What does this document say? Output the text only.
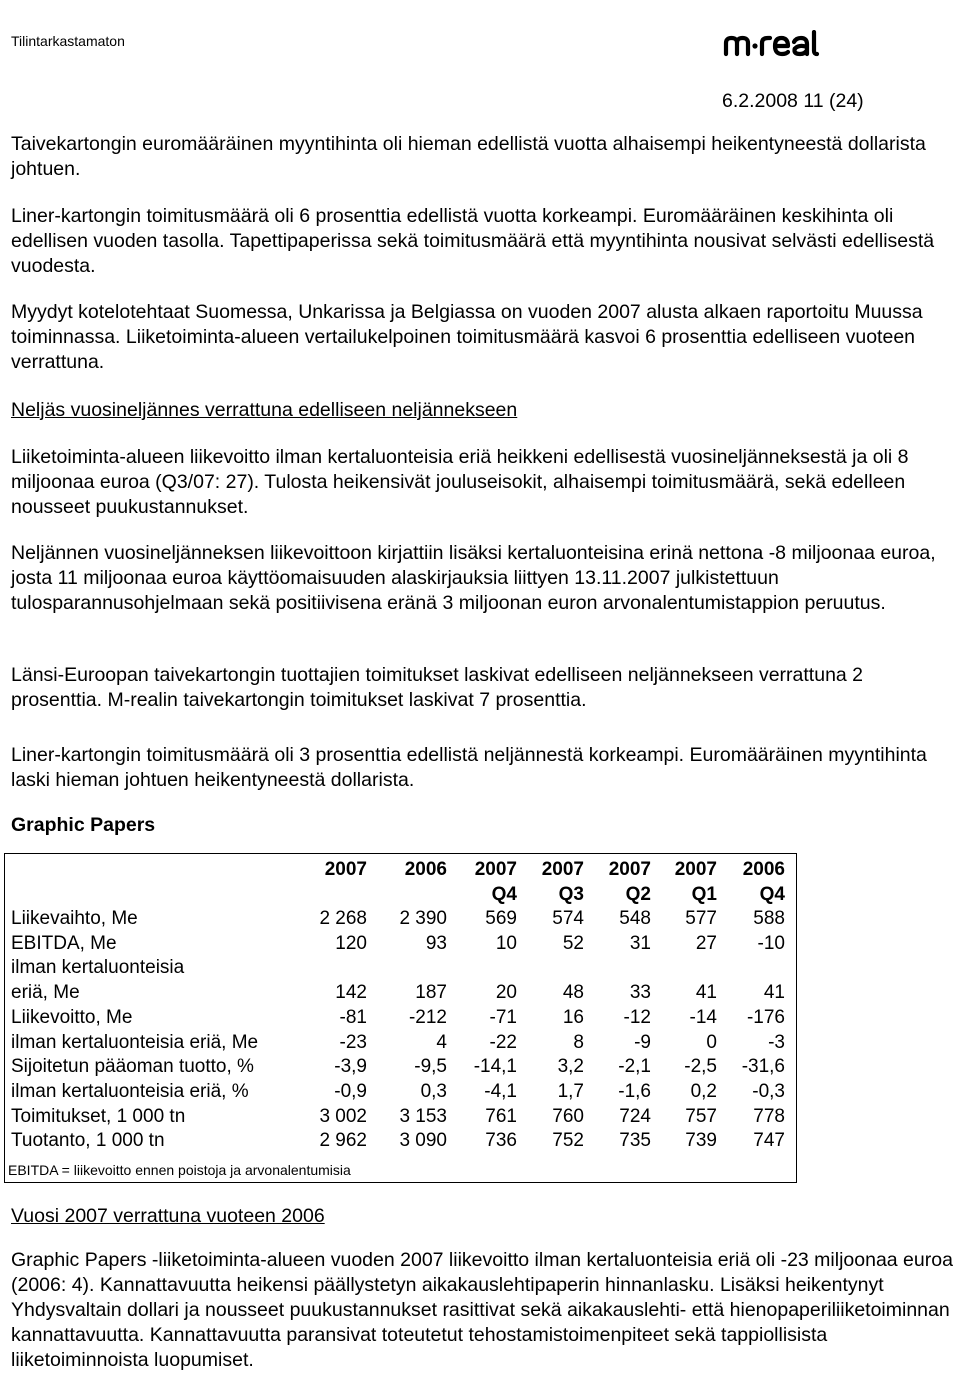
Tilintarkastamaton
6.2.2008 11 (24)

Taivekartongin euromääräinen myyntihinta oli hieman edellistä vuotta alhaisempi heikentyneestä dollarista johtuen.

Liner-kartongin toimitusmäärä oli 6 prosenttia edellistä vuotta korkeampi. Euromääräinen keskihinta oli edellisen vuoden tasolla. Tapettipaperissa sekä toimitusmäärä että myyntihinta nousivat selvästi edellisestä vuodesta.

Myydyt kotelotehtaat Suomessa, Unkarissa ja Belgiassa on vuoden 2007 alusta alkaen raportoitu Muussa toiminnassa. Liiketoiminta-alueen vertailukelpoinen toimitusmäärä kasvoi 6 prosenttia edelliseen vuoteen verrattuna.

Neljäs vuosineljännes verrattuna edelliseen neljännekseen

Liiketoiminta-alueen liikevoitto ilman kertaluonteisia eriä heikkeni edellisestä vuosineljänneksestä ja oli 8 miljoonaa euroa (Q3/07: 27). Tulosta heikensivät jouluseisokit, alhaisempi toimitusmäärä, sekä edelleen nousseet puukustannukset.

Neljännen vuosineljänneksen liikevoittoon kirjattiin lisäksi kertaluonteisina erinä nettona -8 miljoonaa euroa, josta 11 miljoonaa euroa käyttöomaisuuden alaskirjauksia liittyen 13.11.2007 julkistettuun tulosparannusohjelmaan sekä positiivisena eränä 3 miljoonan euron arvonalentumistappion peruutus.

Länsi-Euroopan taivekartongin tuottajien toimitukset laskivat edelliseen neljännekseen verrattuna 2 prosenttia. M-realin taivekartongin toimitukset laskivat 7 prosenttia.

Liner-kartongin toimitusmäärä oli 3 prosenttia edellistä neljännestä korkeampi. Euromääräinen myyntihinta laski hieman johtuen heikentyneestä dollarista.

Graphic Papers

	2007	2006	2007	2007	2007	2007	2006
			Q4	Q3	Q2	Q1	Q4
Liikevaihto, Me	2 268	2 390	569	574	548	577	588
EBITDA, Me	120	93	10	52	31	27	-10
ilman kertaluonteisia							
eriä, Me	142	187	20	48	33	41	41
Liikevoitto, Me	-81	-212	-71	16	-12	-14	-176
ilman kertaluonteisia eriä, Me	-23	4	-22	8	-9	0	-3
Sijoitetun pääoman tuotto, %	-3,9	-9,5	-14,1	3,2	-2,1	-2,5	-31,6
ilman kertaluonteisia eriä, %	-0,9	0,3	-4,1	1,7	-1,6	0,2	-0,3
Toimitukset, 1 000 tn	3 002	3 153	761	760	724	757	778
Tuotanto, 1 000 tn	2 962	3 090	736	752	735	739	747
EBITDA = liikevoitto ennen poistoja ja arvonalentumisia

Vuosi 2007 verrattuna vuoteen 2006

Graphic Papers -liiketoiminta-alueen vuoden 2007 liikevoitto ilman kertaluonteisia eriä oli -23 miljoonaa euroa (2006: 4). Kannattavuutta heikensi päällystetyn aikakauslehtipaperin hinnanlasku. Lisäksi heikentynyt Yhdysvaltain dollari ja nousseet puukustannukset rasittivat sekä aikakauslehti- että hienopaperiliiketoiminnan kannattavuutta. Kannattavuutta paransivat toteutetut tehostamistoimenpiteet sekä tappiollisista liiketoiminnoista luopumiset.
